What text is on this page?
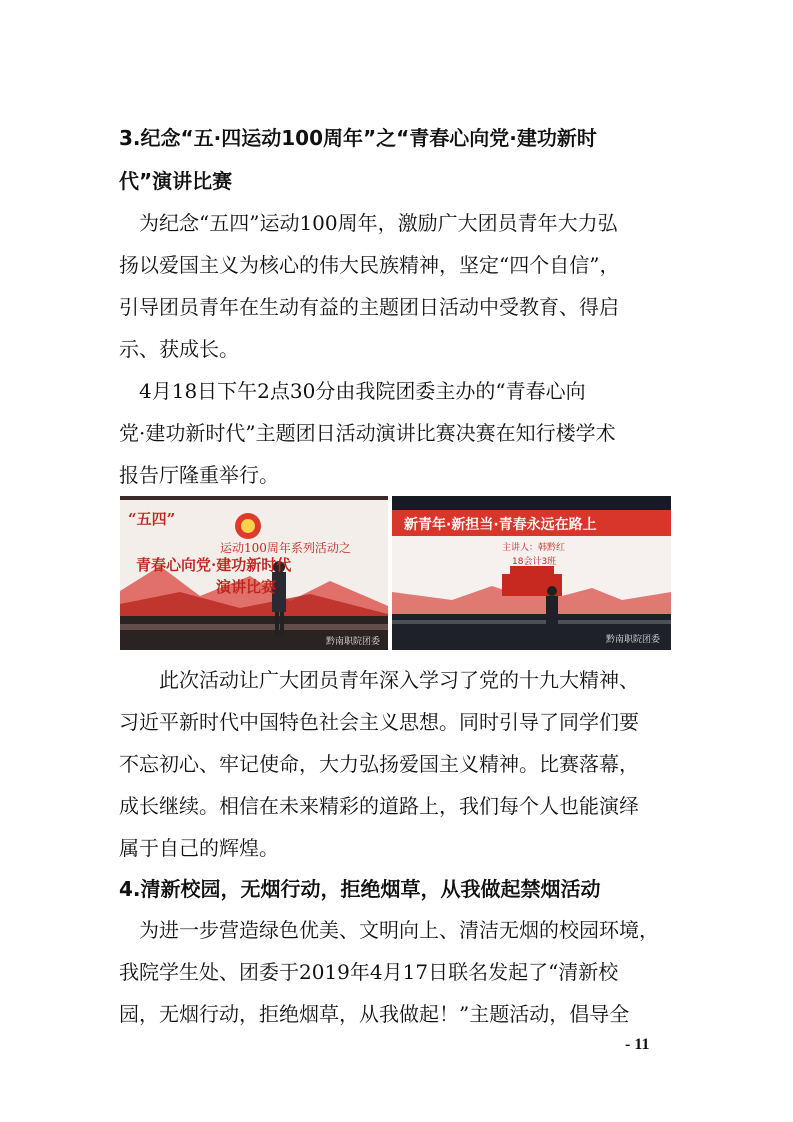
3.纪念“五·四运动100周年”之“青春心向党·建功新时
代”演讲比赛
　为纪念“五四”运动100周年，激励广大团员青年大力弘
扬以爱国主义为核心的伟大民族精神，坚定“四个自信”，
引导团员青年在生动有益的主题团日活动中受教育、得启
示、获成长。
　4月18日下午2点30分由我院团委主办的“青春心向
党·建功新时代”主题团日活动演讲比赛决赛在知行楼学术
报告厅隆重举行。
“五四”
运动100周年系列活动之
青春心向党·建功新时代
演讲比赛
黔南职院团委
新青年·新担当·青春永远在路上
主讲人：韩黔红
18会计3班
黔南职院团委
　　此次活动让广大团员青年深入学习了党的十九大精神、
习近平新时代中国特色社会主义思想。同时引导了同学们要
不忘初心、牢记使命，大力弘扬爱国主义精神。比赛落幕，
成长继续。相信在未来精彩的道路上，我们每个人也能演绎
属于自己的辉煌。
4.清新校园，无烟行动，拒绝烟草，从我做起禁烟活动
　为进一步营造绿色优美、文明向上、清洁无烟的校园环境，
我院学生处、团委于2019年4月17日联名发起了“清新校
园，无烟行动，拒绝烟草，从我做起！”主题活动，倡导全
- 11
